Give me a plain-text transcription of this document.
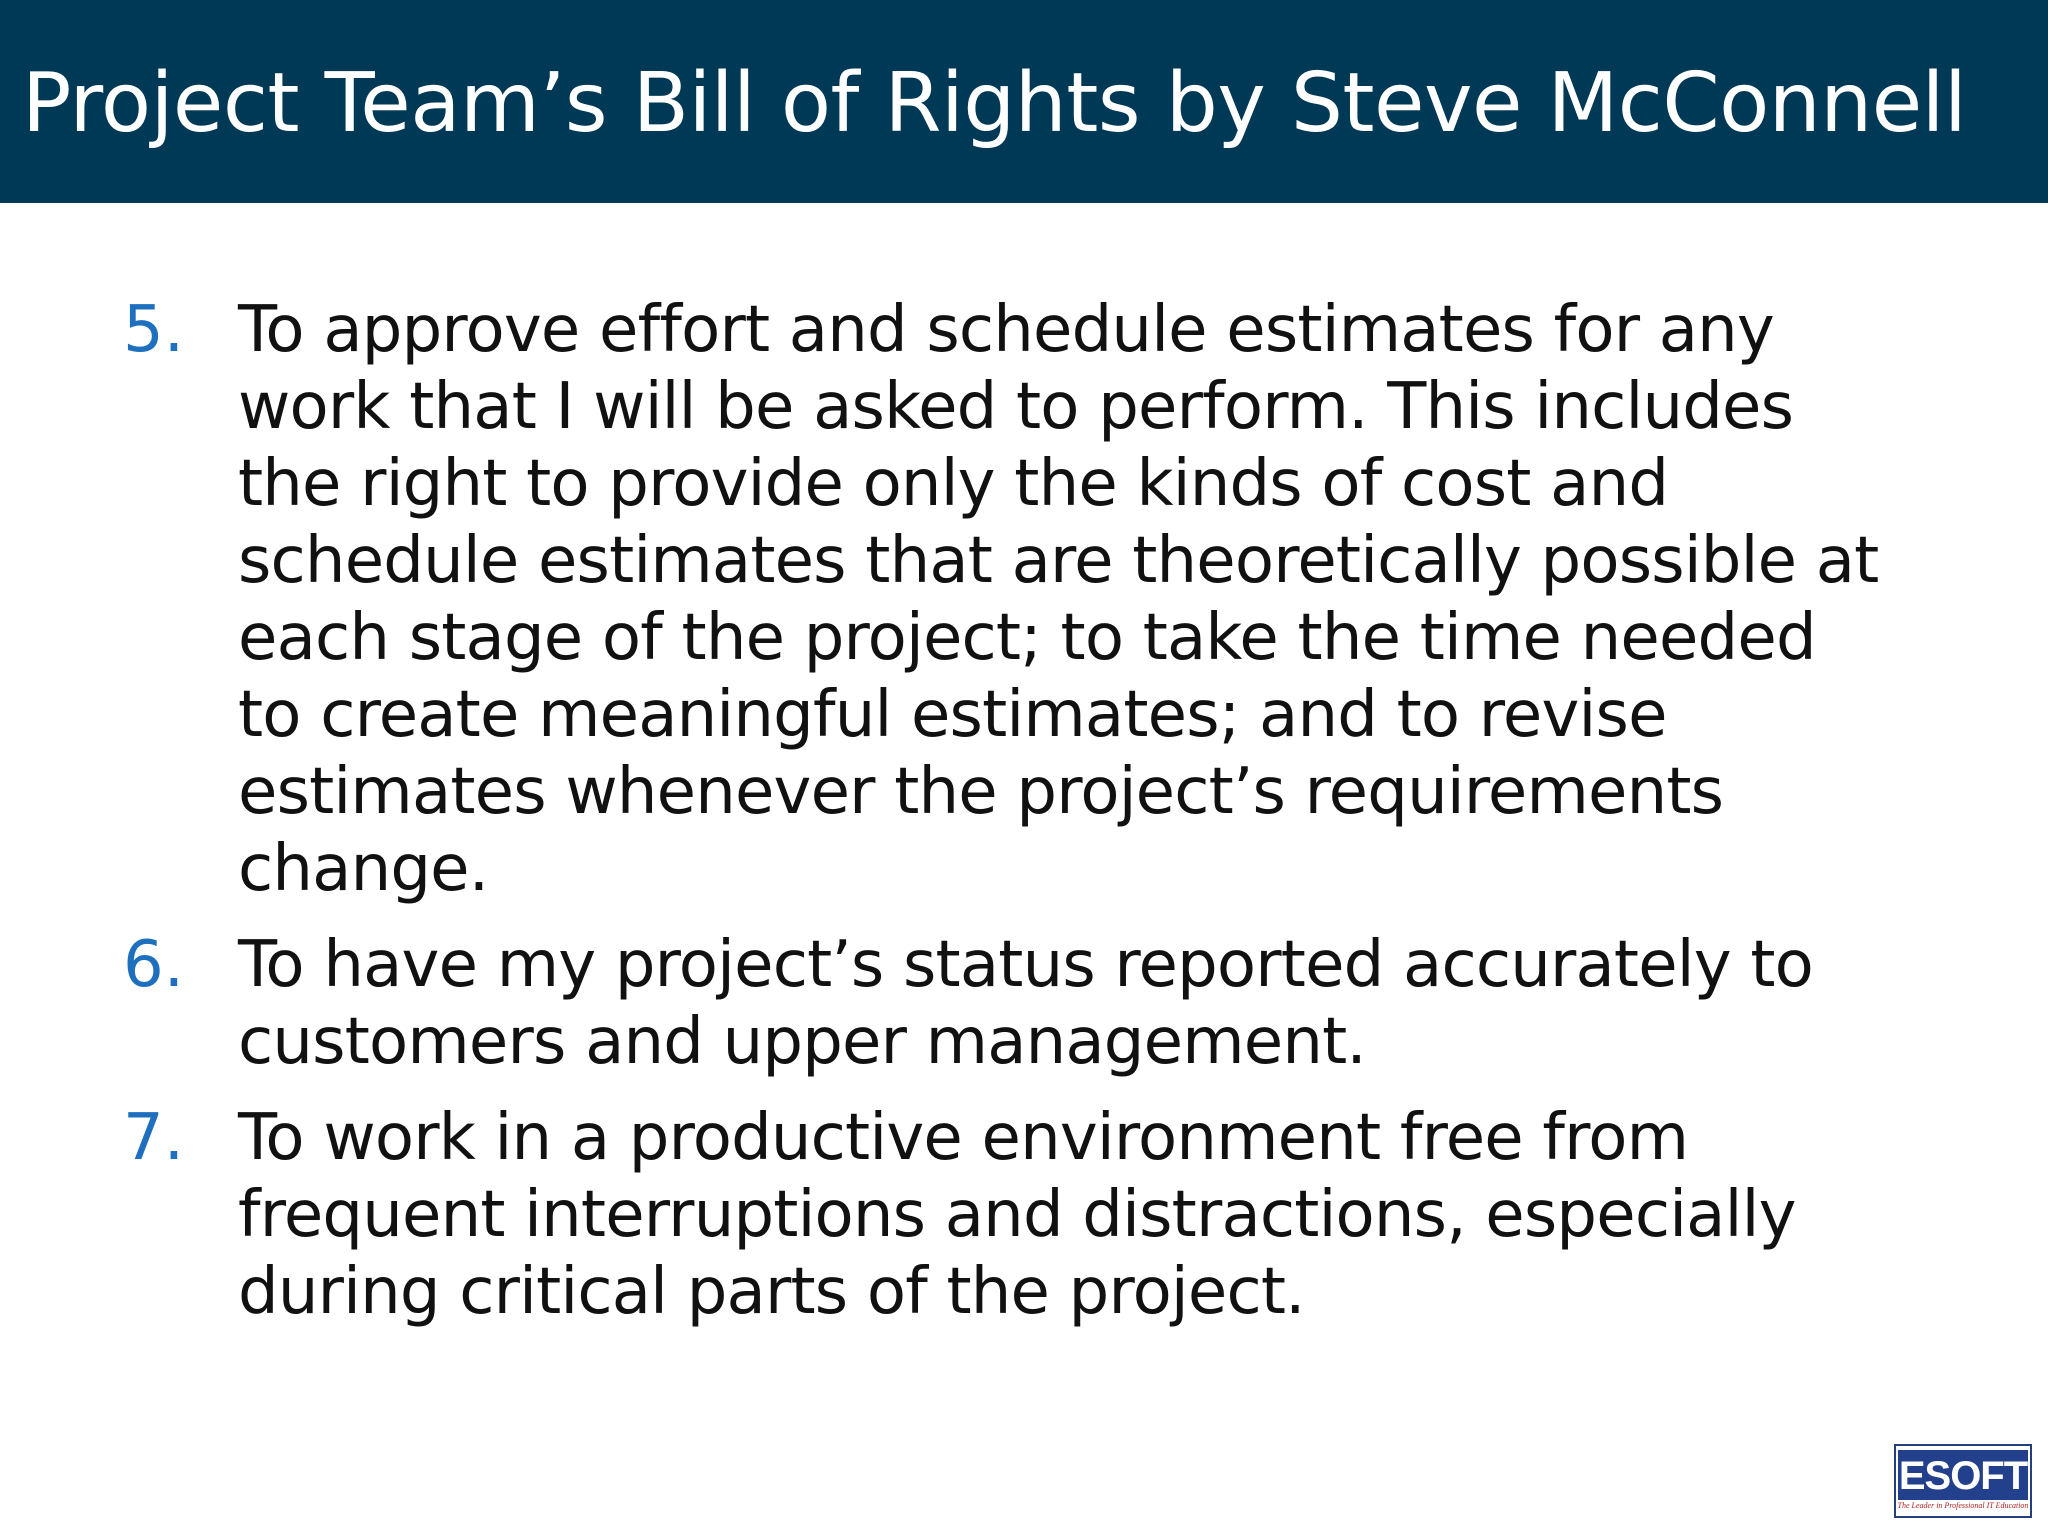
Project Team’s Bill of Rights by Steve McConnell
5. To approve effort and schedule estimates for any
work that I will be asked to perform. This includes
the right to provide only the kinds of cost and
schedule estimates that are theoretically possible at
each stage of the project; to take the time needed
to create meaningful estimates; and to revise
estimates whenever the project’s requirements
change.
6. To have my project’s status reported accurately to
customers and upper management.
7. To work in a productive environment free from
frequent interruptions and distractions, especially
during critical parts of the project.
ESOFT
The Leader in Professional IT Education
